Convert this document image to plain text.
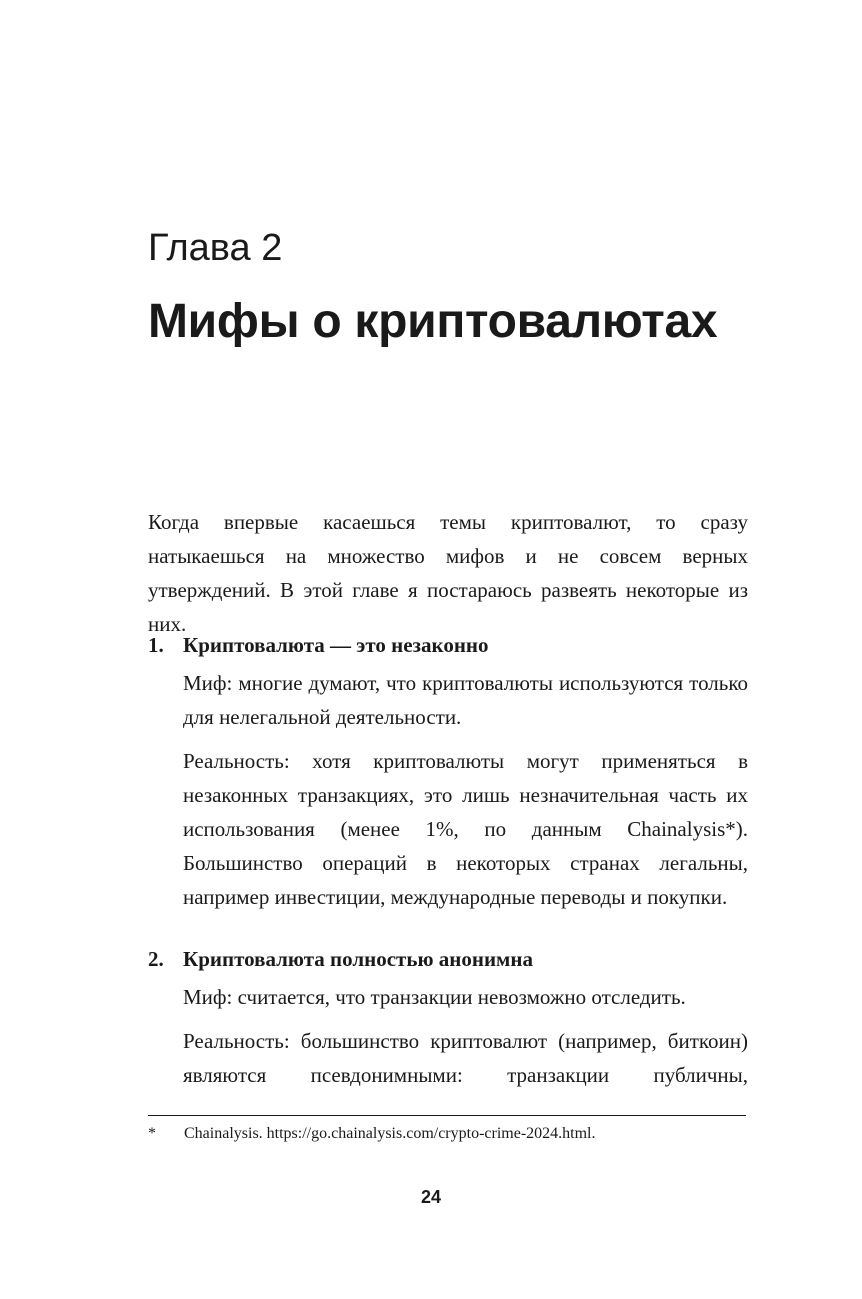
Глава 2
Мифы о криптовалютах

Когда впервые касаешься темы криптовалют, то сразу натыкаешься на множество мифов и не совсем верных утверждений. В этой главе я постараюсь развеять некоторые из них.

1. Криптовалюта — это незаконно

Миф: многие думают, что криптовалюты используются только для нелегальной деятельности.

Реальность: хотя криптовалюты могут применяться в незаконных транзакциях, это лишь незначительная часть их использования (менее 1%, по данным Chainalysis*). Большинство операций в некоторых странах легальны, например инвестиции, международные переводы и покупки.

2. Криптовалюта полностью анонимна

Миф: считается, что транзакции невозможно отследить.

Реальность: большинство криптовалют (например, биткоин) являются псевдонимными: транзакции публичны,

* Chainalysis. https://go.chainalysis.com/crypto-crime-2024.html.
24
